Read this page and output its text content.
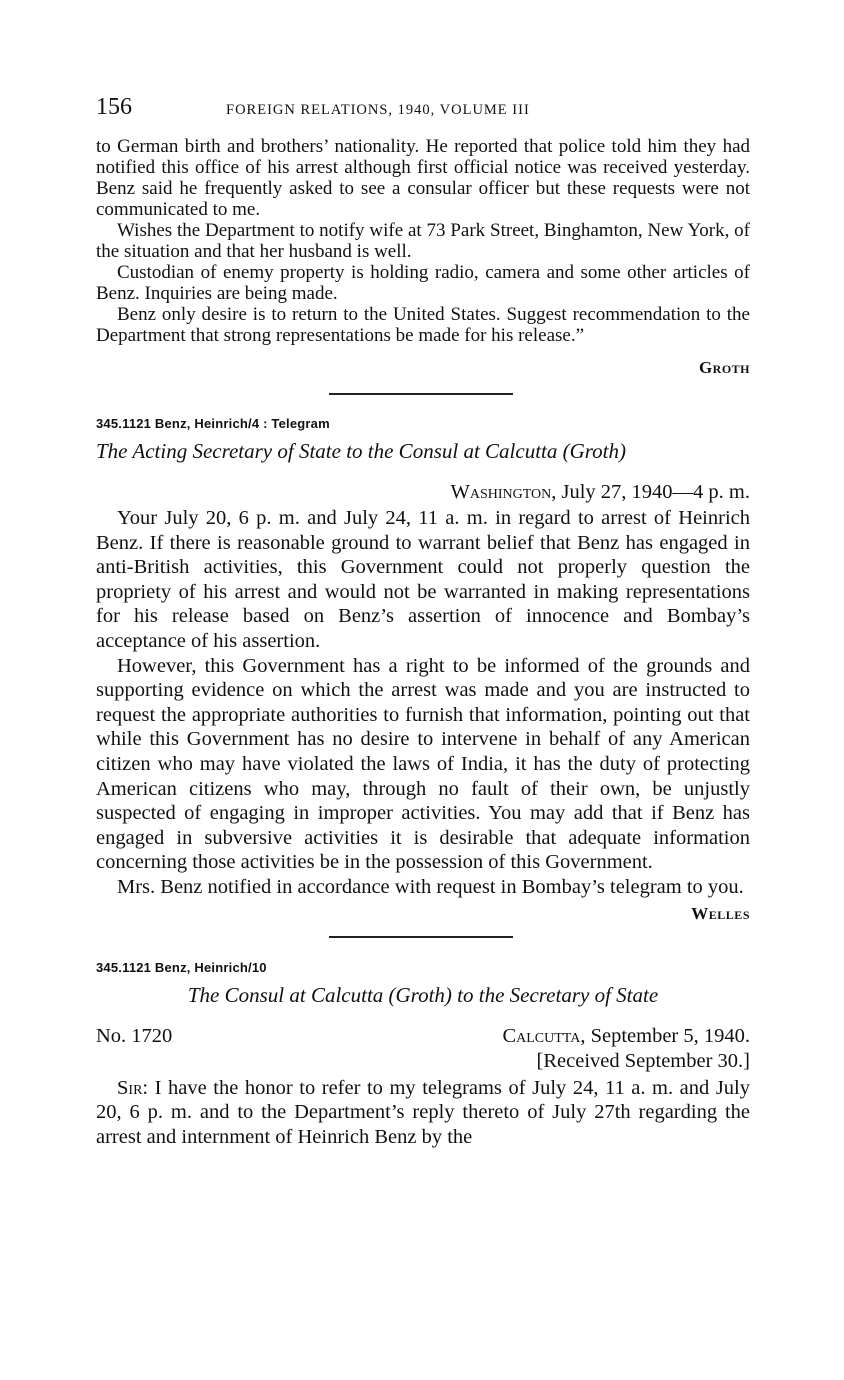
156	FOREIGN RELATIONS, 1940, VOLUME III

to German birth and brothers’ nationality. He reported that police told him they had notified this office of his arrest although first official notice was received yesterday. Benz said he frequently asked to see a consular officer but these requests were not communicated to me.

Wishes the Department to notify wife at 73 Park Street, Binghamton, New York, of the situation and that her husband is well.

Custodian of enemy property is holding radio, camera and some other articles of Benz. Inquiries are being made.

Benz only desire is to return to the United States. Suggest recommendation to the Department that strong representations be made for his release.”

Groth
345.1121 Benz, Heinrich/4 : Telegram
The Acting Secretary of State to the Consul at Calcutta (Groth)
Washington, July 27, 1940—4 p. m.

Your July 20, 6 p. m. and July 24, 11 a. m. in regard to arrest of Heinrich Benz. If there is reasonable ground to warrant belief that Benz has engaged in anti-British activities, this Government could not properly question the propriety of his arrest and would not be warranted in making representations for his release based on Benz’s assertion of innocence and Bombay’s acceptance of his assertion.

However, this Government has a right to be informed of the grounds and supporting evidence on which the arrest was made and you are instructed to request the appropriate authorities to furnish that information, pointing out that while this Government has no desire to intervene in behalf of any American citizen who may have violated the laws of India, it has the duty of protecting American citizens who may, through no fault of their own, be unjustly suspected of engaging in improper activities. You may add that if Benz has engaged in subversive activities it is desirable that adequate information concerning those activities be in the possession of this Government.

Mrs. Benz notified in accordance with request in Bombay’s telegram to you.

Welles
345.1121 Benz, Heinrich/10
The Consul at Calcutta (Groth) to the Secretary of State
No. 1720	Calcutta, September 5, 1940.
[Received September 30.]

Sir: I have the honor to refer to my telegrams of July 24, 11 a. m. and July 20, 6 p. m. and to the Department’s reply thereto of July 27th regarding the arrest and internment of Heinrich Benz by the
